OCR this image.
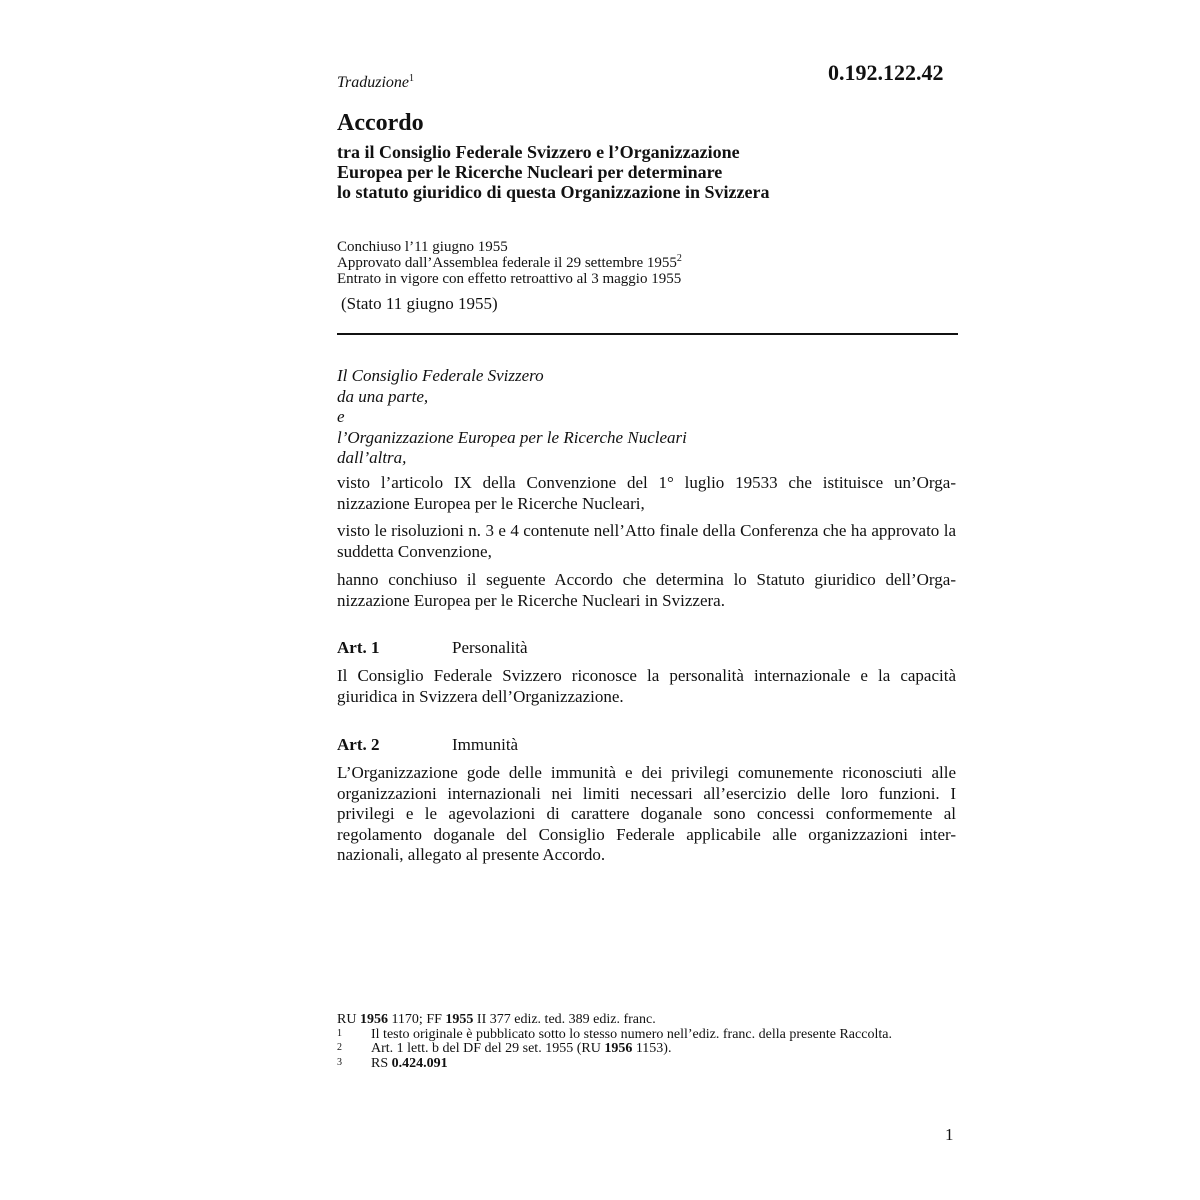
0.192.122.42
Traduzione$^1$
Accordo
tra il Consiglio Federale Svizzero e l’Organizzazione
Europea per le Ricerche Nucleari per determinare
lo statuto giuridico di questa Organizzazione in Svizzera
Conchiuso l’11 giugno 1955
Approvato dall’Assemblea federale il 29 settembre 1955$^2$
Entrato in vigore con effetto retroattivo al 3 maggio 1955
(Stato 11 giugno 1955)
Il Consiglio Federale Svizzero
da una parte,
e
l’Organizzazione Europea per le Ricerche Nucleari
dall’altra,
visto l’articolo IX della Convenzione del 1° luglio 19533 che istituisce un’Orga-nizzazione Europea per le Ricerche Nucleari,
visto le risoluzioni n. 3 e 4 contenute nell’Atto finale della Conferenza che ha approvato la suddetta Convenzione,
hanno conchiuso il seguente Accordo che determina lo Statuto giuridico dell’Orga-nizzazione Europea per le Ricerche Nucleari in Svizzera.
Art. 1	Personalità
Il Consiglio Federale Svizzero riconosce la personalità internazionale e la capacità giuridica in Svizzera dell’Organizzazione.
Art. 2	Immunità
L’Organizzazione gode delle immunità e dei privilegi comunemente riconosciuti alle organizzazioni internazionali nei limiti necessari all’esercizio delle loro funzioni. I privilegi e le agevolazioni di carattere doganale sono concessi conformemente al regolamento doganale del Consiglio Federale applicabile alle organizzazioni inter-nazionali, allegato al presente Accordo.
RU 1956 1170; FF 1955 II 377 ediz. ted. 389 ediz. franc.
1	Il testo originale è pubblicato sotto lo stesso numero nell’ediz. franc. della presente Raccolta.
2	Art. 1 lett. b del DF del 29 set. 1955 (RU 1956 1153).
3	RS 0.424.091
1
